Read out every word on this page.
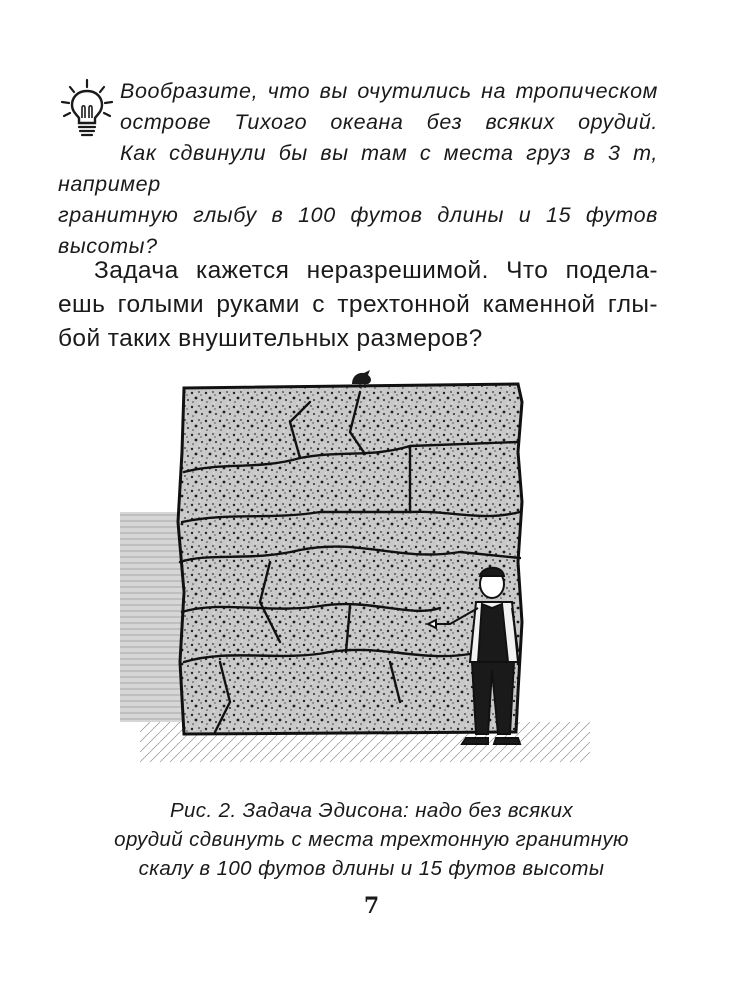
Вообразите, что вы очутились на тропическом
острове Тихого океана без всяких орудий.
Как сдвинули бы вы там с места груз в 3 т, например
гранитную глыбу в 100 футов длины и 15 футов
высоты?
Задача кажется неразрешимой. Что подела-
ешь голыми руками с трехтонной каменной глы-
бой таких внушительных размеров?
Рис. 2. Задача Эдисона: надо без всяких
орудий сдвинуть с места трехтонную гранитную
скалу в 100 футов длины и 15 футов высоты
7
